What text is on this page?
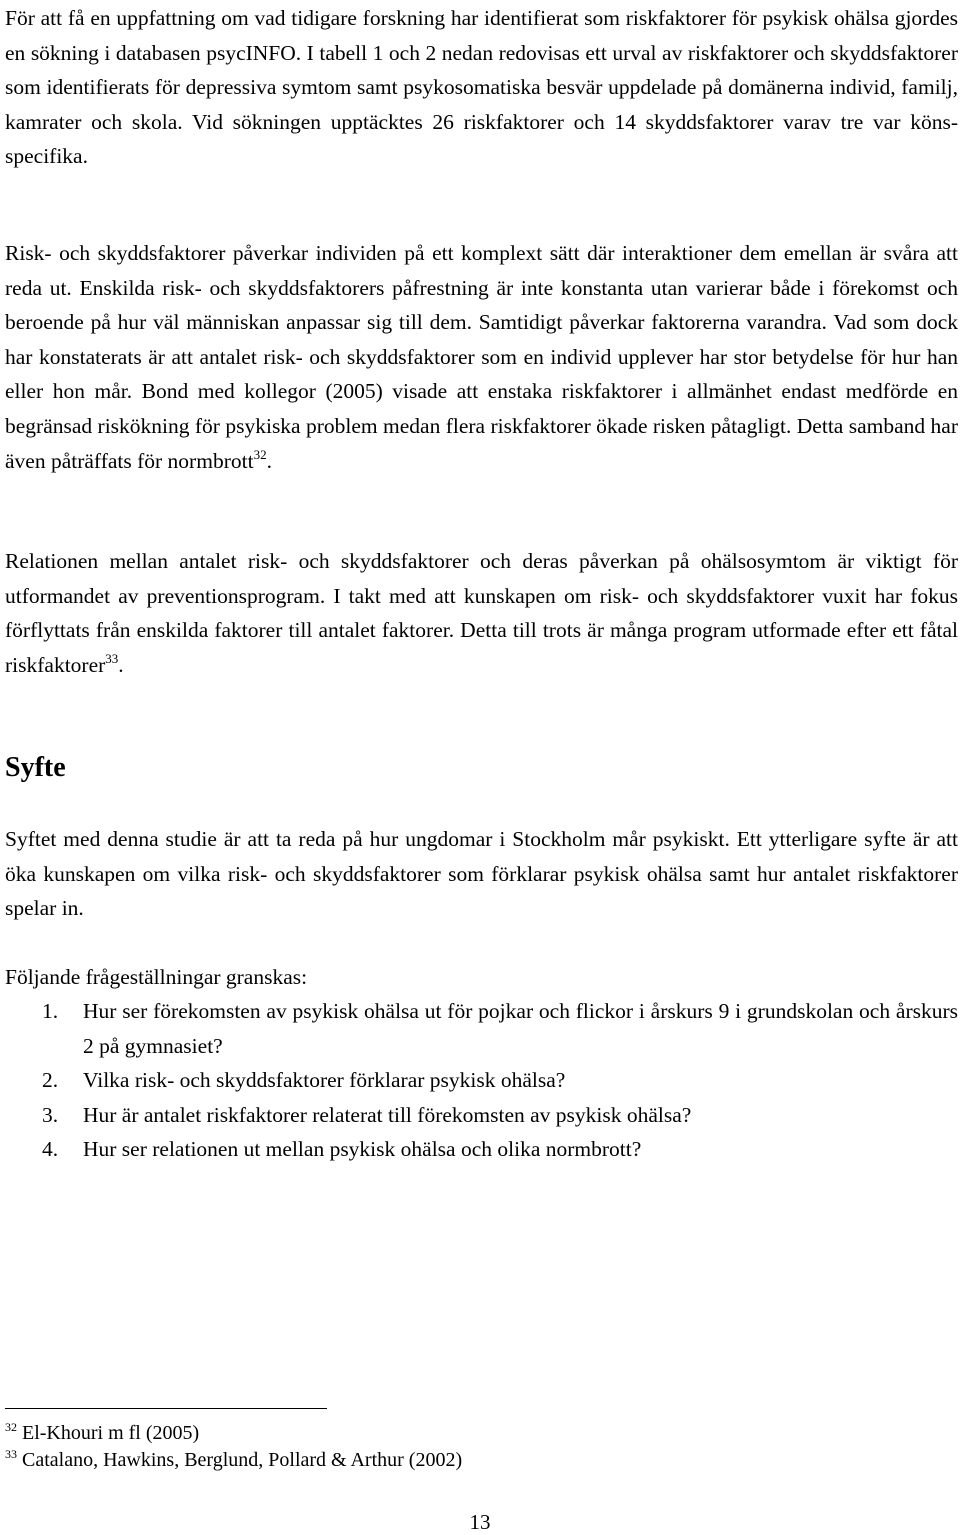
För att få en uppfattning om vad tidigare forskning har identifierat som riskfaktorer för psykisk ohälsa gjordes en sökning i databasen psycINFO. I tabell 1 och 2 nedan redovisas ett urval av riskfaktorer och skyddsfaktorer som identifierats för depressiva symtom samt psykosomatiska besvär uppdelade på domänerna individ, familj, kamrater och skola. Vid sökningen upptäcktes 26 riskfaktorer och 14 skyddsfaktorer varav tre var könsspecifika.

Risk- och skyddsfaktorer påverkar individen på ett komplext sätt där interaktioner dem emellan är svåra att reda ut. Enskilda risk- och skyddsfaktorers påfrestning är inte konstanta utan varierar både i förekomst och beroende på hur väl människan anpassar sig till dem. Samtidigt påverkar faktorerna varandra. Vad som dock har konstaterats är att antalet risk- och skyddsfaktorer som en individ upplever har stor betydelse för hur han eller hon mår. Bond med kollegor (2005) visade att enstaka riskfaktorer i allmänhet endast medförde en begränsad riskökning för psykiska problem medan flera riskfaktorer ökade risken påtagligt. Detta samband har även påträffats för normbrott$^{32}$.

Relationen mellan antalet risk- och skyddsfaktorer och deras påverkan på ohälsosymtom är viktigt för utformandet av preventionsprogram. I takt med att kunskapen om risk- och skyddsfaktorer vuxit har fokus förflyttats från enskilda faktorer till antalet faktorer. Detta till trots är många program utformade efter ett fåtal riskfaktorer$^{33}$.

Syfte

Syftet med denna studie är att ta reda på hur ungdomar i Stockholm mår psykiskt. Ett ytterligare syfte är att öka kunskapen om vilka risk- och skyddsfaktorer som förklarar psykisk ohälsa samt hur antalet riskfaktorer spelar in.

Följande frågeställningar granskas:

1.	Hur ser förekomsten av psykisk ohälsa ut för pojkar och flickor i årskurs 9 i grundskolan och årskurs 2 på gymnasiet?
2.	Vilka risk- och skyddsfaktorer förklarar psykisk ohälsa?
3.	Hur är antalet riskfaktorer relaterat till förekomsten av psykisk ohälsa?
4.	Hur ser relationen ut mellan psykisk ohälsa och olika normbrott?

$^{32}$ El-Khouri m fl (2005)

$^{33}$ Catalano, Hawkins, Berglund, Pollard & Arthur (2002)

13
